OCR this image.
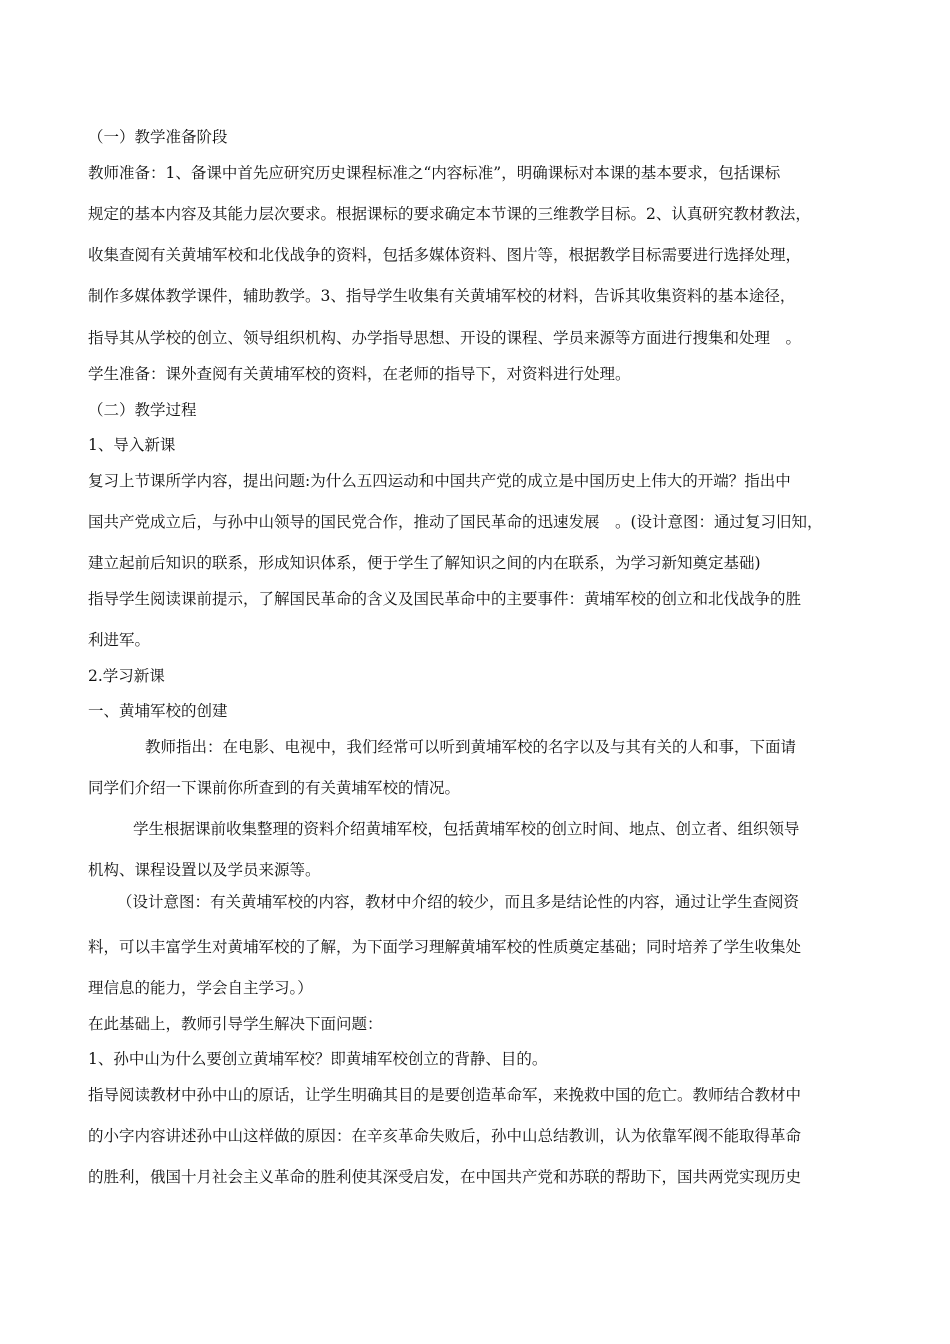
（一）教学准备阶段
教师准备：1、备课中首先应研究历史课程标准之“内容标准”，明确课标对本课的基本要求，包括课标
规定的基本内容及其能力层次要求。根据课标的要求确定本节课的三维教学目标。2、认真研究教材教法，
收集查阅有关黄埔军校和北伐战争的资料，包括多媒体资料、图片等，根据教学目标需要进行选择处理，
制作多媒体教学课件，辅助教学。3、指导学生收集有关黄埔军校的材料，告诉其收集资料的基本途径，
指导其从学校的创立、领导组织机构、办学指导思想、开设的课程、学员来源等方面进行搜集和处理　。
学生准备：课外查阅有关黄埔军校的资料，在老师的指导下，对资料进行处理。
（二）教学过程
1、导入新课
复习上节课所学内容，提出问题:为什么五四运动和中国共产党的成立是中国历史上伟大的开端？指出中
国共产党成立后，与孙中山领导的国民党合作，推动了国民革命的迅速发展　。(设计意图：通过复习旧知，
建立起前后知识的联系，形成知识体系，便于学生了解知识之间的内在联系，为学习新知奠定基础)
指导学生阅读课前提示，了解国民革命的含义及国民革命中的主要事件：黄埔军校的创立和北伐战争的胜
利进军。
2.学习新课
一、黄埔军校的创建
教师指出：在电影、电视中，我们经常可以听到黄埔军校的名字以及与其有关的人和事，下面请
同学们介绍一下课前你所查到的有关黄埔军校的情况。
学生根据课前收集整理的资料介绍黄埔军校，包括黄埔军校的创立时间、地点、创立者、组织领导
机构、课程设置以及学员来源等。
（设计意图：有关黄埔军校的内容，教材中介绍的较少，而且多是结论性的内容，通过让学生查阅资
料，可以丰富学生对黄埔军校的了解，为下面学习理解黄埔军校的性质奠定基础；同时培养了学生收集处
理信息的能力，学会自主学习。）
在此基础上，教师引导学生解决下面问题：
1、孙中山为什么要创立黄埔军校？即黄埔军校创立的背静、目的。
指导阅读教材中孙中山的原话，让学生明确其目的是要创造革命军，来挽救中国的危亡。教师结合教材中
的小字内容讲述孙中山这样做的原因：在辛亥革命失败后，孙中山总结教训，认为依靠军阀不能取得革命
的胜利，俄国十月社会主义革命的胜利使其深受启发，在中国共产党和苏联的帮助下，国共两党实现历史
